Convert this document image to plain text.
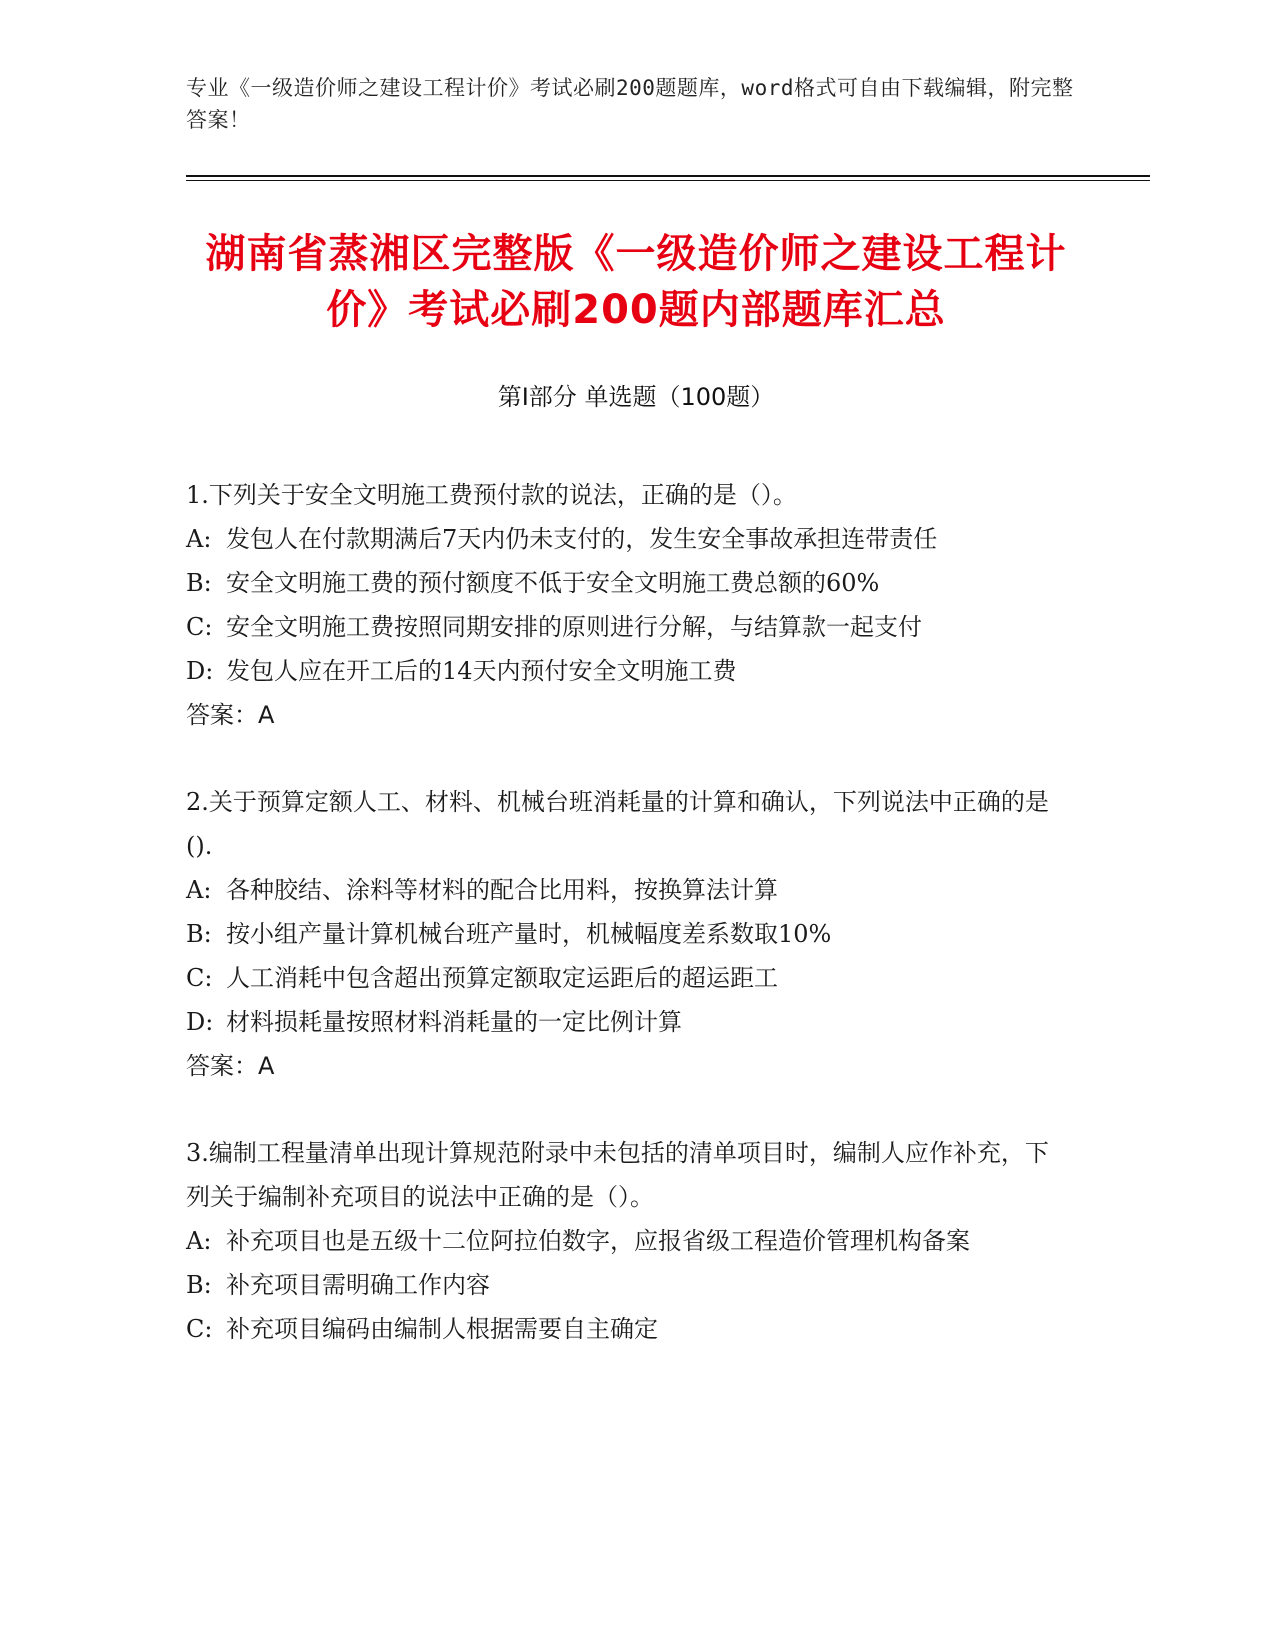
专业《一级造价师之建设工程计价》考试必刷200题题库，word格式可自由下载编辑，附完整答案！
湖南省蒸湘区完整版《一级造价师之建设工程计价》考试必刷200题内部题库汇总
第Ⅰ部分 单选题（100题）

1.下列关于安全文明施工费预付款的说法，正确的是（）。

A: 发包人在付款期满后7天内仍未支付的，发生安全事故承担连带责任

B: 安全文明施工费的预付额度不低于安全文明施工费总额的60%

C: 安全文明施工费按照同期安排的原则进行分解，与结算款一起支付

D: 发包人应在开工后的14天内预付安全文明施工费

答案：A

2.关于预算定额人工、材料、机械台班消耗量的计算和确认，下列说法中正确的是().

A: 各种胶结、涂料等材料的配合比用料，按换算法计算

B: 按小组产量计算机械台班产量时，机械幅度差系数取10%

C: 人工消耗中包含超出预算定额取定运距后的超运距工

D: 材料损耗量按照材料消耗量的一定比例计算

答案：A

3.编制工程量清单出现计算规范附录中未包括的清单项目时，编制人应作补充，下列关于编制补充项目的说法中正确的是（）。

A: 补充项目也是五级十二位阿拉伯数字，应报省级工程造价管理机构备案

B: 补充项目需明确工作内容

C: 补充项目编码由编制人根据需要自主确定
